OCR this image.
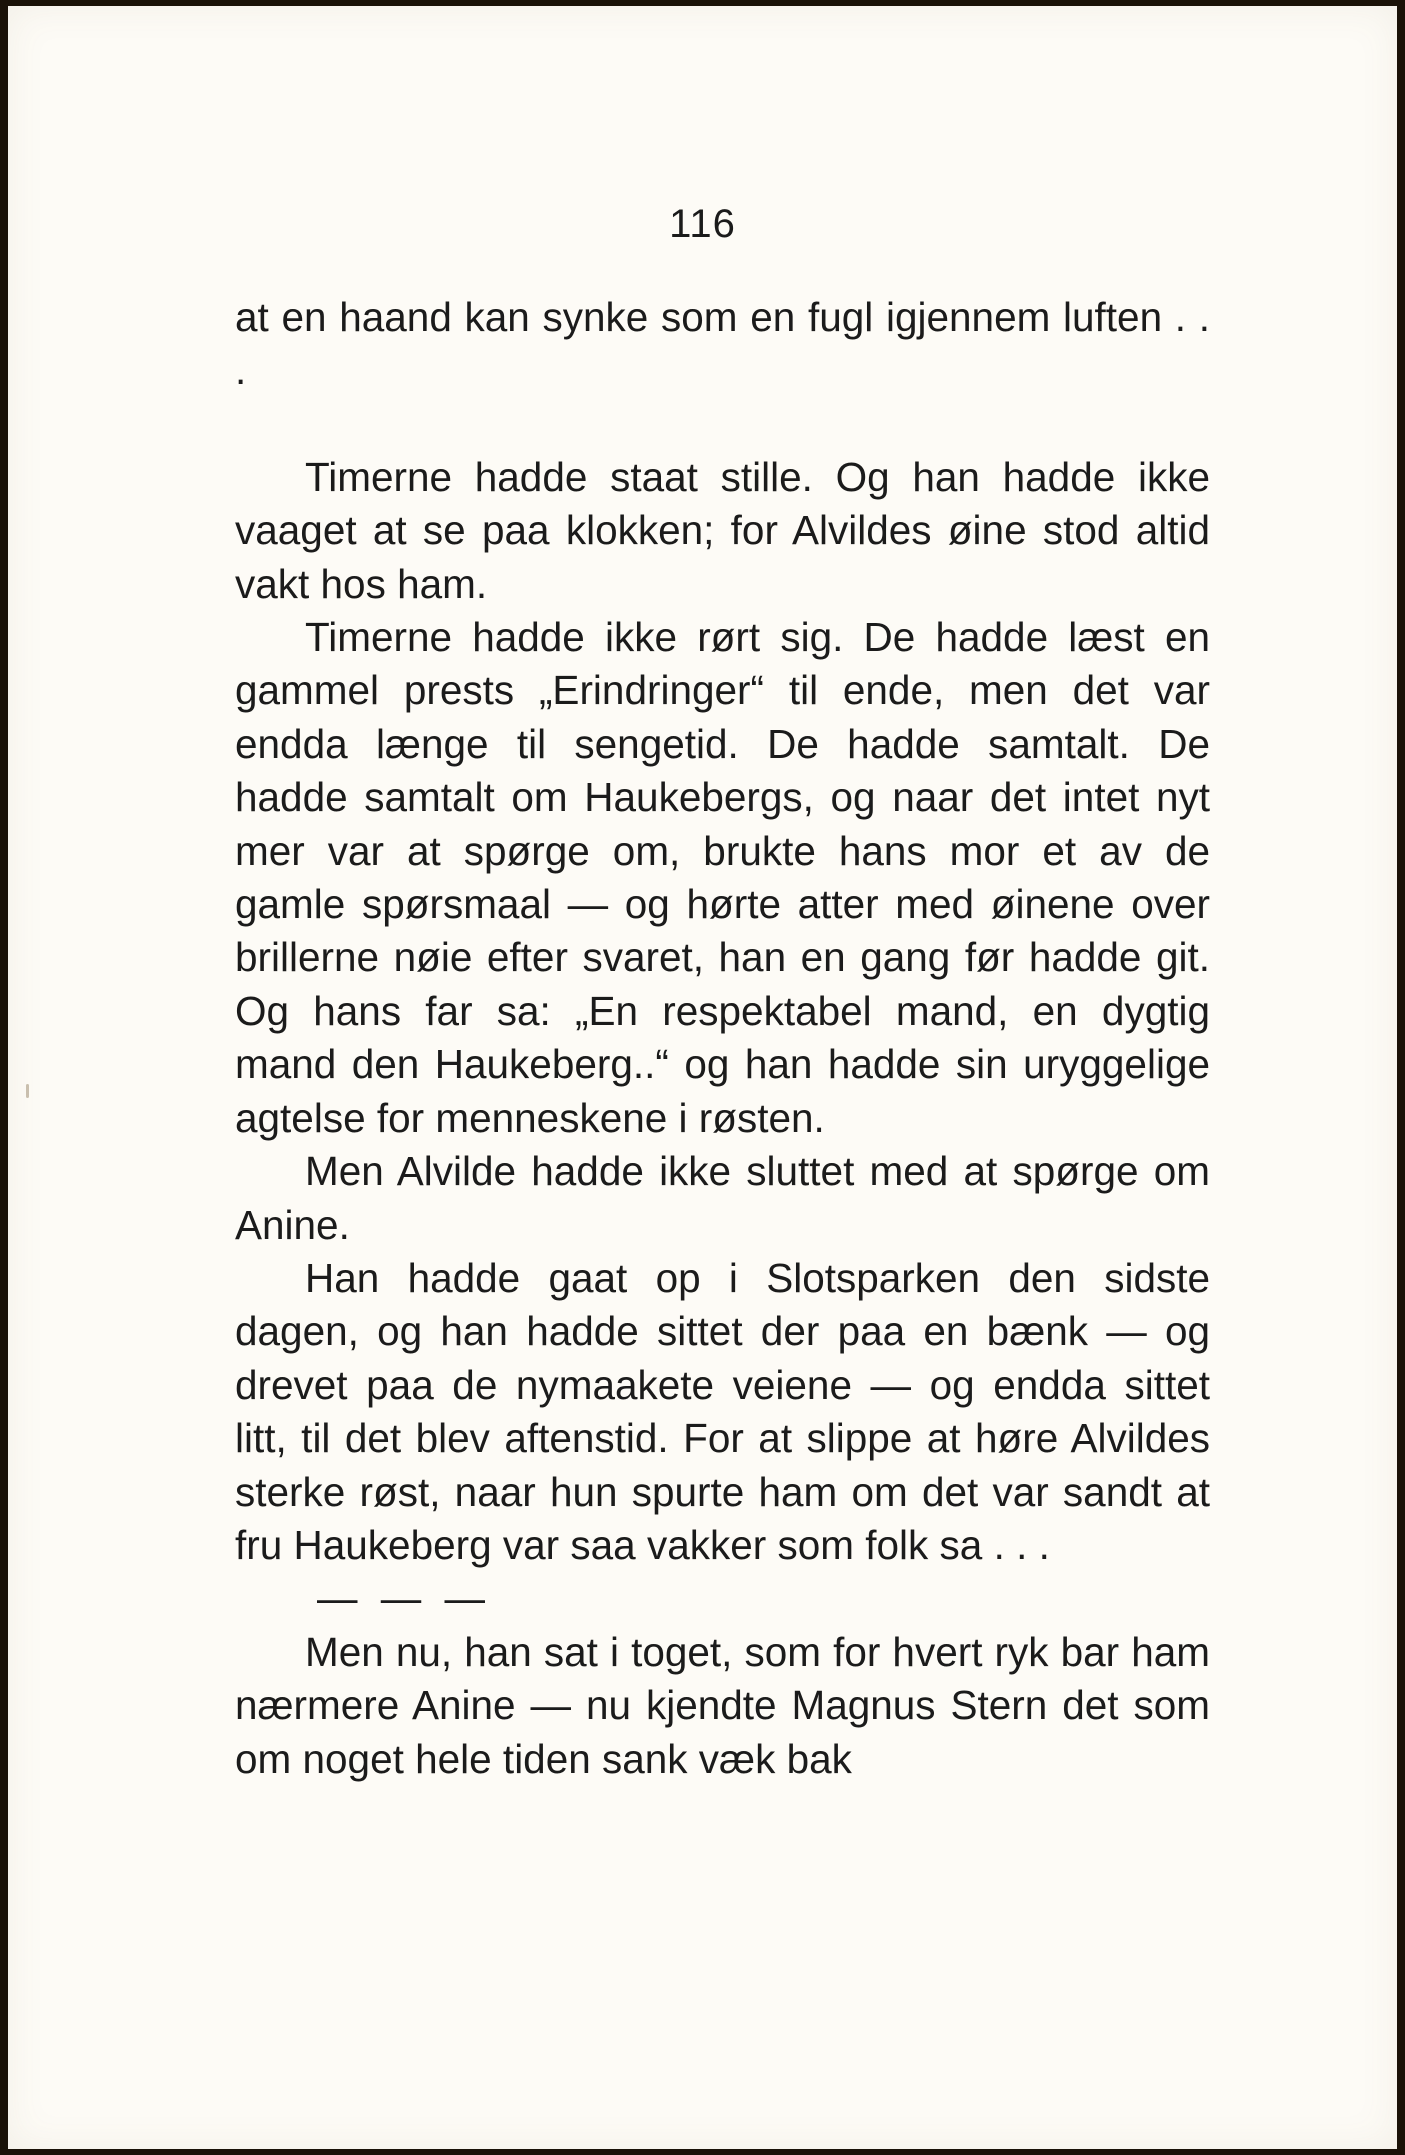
116

at en haand kan synke som en fugl igjennem luften . . .

Timerne hadde staat stille. Og han hadde ikke vaaget at se paa klokken; for Alvildes øine stod altid vakt hos ham.

Timerne hadde ikke rørt sig. De hadde læst en gammel prests „Erindringer“ til ende, men det var endda længe til sengetid. De hadde samtalt. De hadde samtalt om Haukebergs, og naar det intet nyt mer var at spørge om, brukte hans mor et av de gamle spørsmaal — og hørte atter med øinene over brillerne nøie efter svaret, han en gang før hadde git. Og hans far sa: „En respektabel mand, en dygtig mand den Haukeberg..“ og han hadde sin uryggelige agtelse for menneskene i røsten.

Men Alvilde hadde ikke sluttet med at spørge om Anine.

Han hadde gaat op i Slotsparken den sidste dagen, og han hadde sittet der paa en bænk — og drevet paa de nymaakete veiene — og endda sittet litt, til det blev aftenstid. For at slippe at høre Alvildes sterke røst, naar hun spurte ham om det var sandt at fru Haukeberg var saa vakker som folk sa . . .

— — —

Men nu, han sat i toget, som for hvert ryk bar ham nærmere Anine — nu kjendte Magnus Stern det som om noget hele tiden sank væk bak
